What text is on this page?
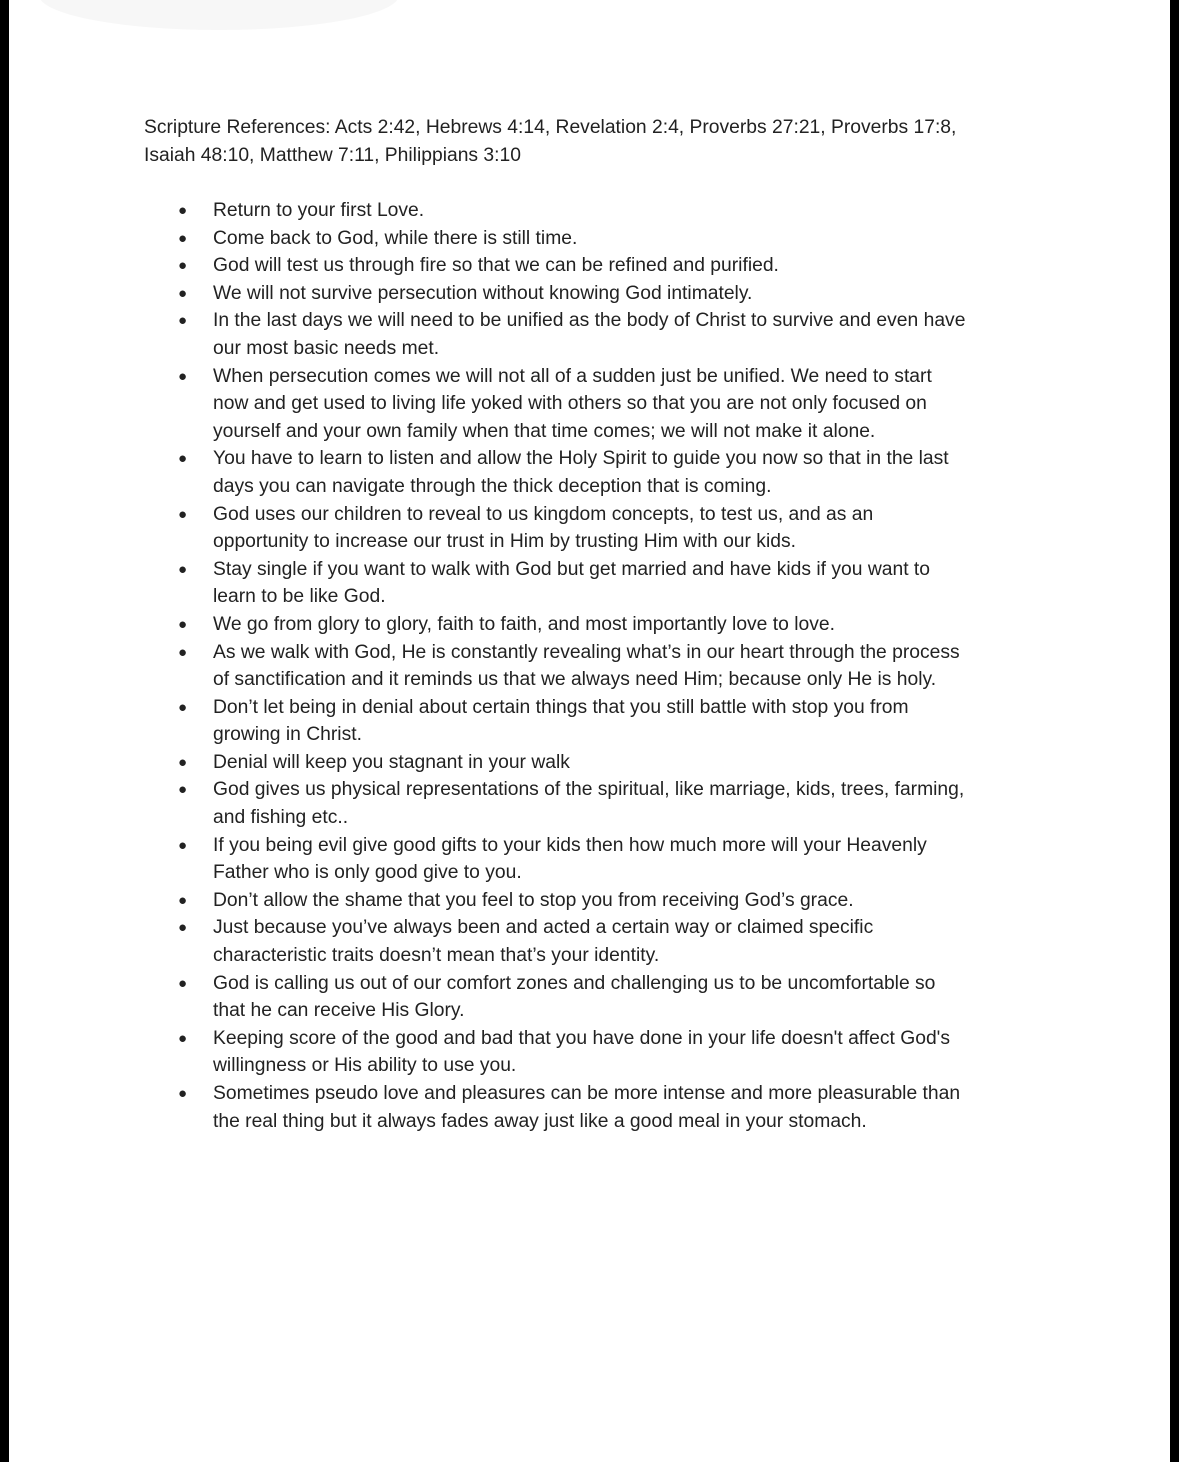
Scripture References: Acts 2:42, Hebrews 4:14, Revelation 2:4, Proverbs 27:21, Proverbs 17:8,
Isaiah 48:10, Matthew 7:11, Philippians 3:10

● Return to your first Love.
● Come back to God, while there is still time.
● God will test us through fire so that we can be refined and purified.
● We will not survive persecution without knowing God intimately.
● In the last days we will need to be unified as the body of Christ to survive and even have
our most basic needs met.
● When persecution comes we will not all of a sudden just be unified. We need to start
now and get used to living life yoked with others so that you are not only focused on
yourself and your own family when that time comes; we will not make it alone.
● You have to learn to listen and allow the Holy Spirit to guide you now so that in the last
days you can navigate through the thick deception that is coming.
● God uses our children to reveal to us kingdom concepts, to test us, and as an
opportunity to increase our trust in Him by trusting Him with our kids.
● Stay single if you want to walk with God but get married and have kids if you want to
learn to be like God.
● We go from glory to glory, faith to faith, and most importantly love to love.
● As we walk with God, He is constantly revealing what’s in our heart through the process
of sanctification and it reminds us that we always need Him; because only He is holy.
● Don’t let being in denial about certain things that you still battle with stop you from
growing in Christ.
● Denial will keep you stagnant in your walk
● God gives us physical representations of the spiritual, like marriage, kids, trees, farming,
and fishing etc..
● If you being evil give good gifts to your kids then how much more will your Heavenly
Father who is only good give to you.
● Don’t allow the shame that you feel to stop you from receiving God’s grace.
● Just because you’ve always been and acted a certain way or claimed specific
characteristic traits doesn’t mean that’s your identity.
● God is calling us out of our comfort zones and challenging us to be uncomfortable so
that he can receive His Glory.
● Keeping score of the good and bad that you have done in your life doesn't affect God's
willingness or His ability to use you.
● Sometimes pseudo love and pleasures can be more intense and more pleasurable than
the real thing but it always fades away just like a good meal in your stomach.
